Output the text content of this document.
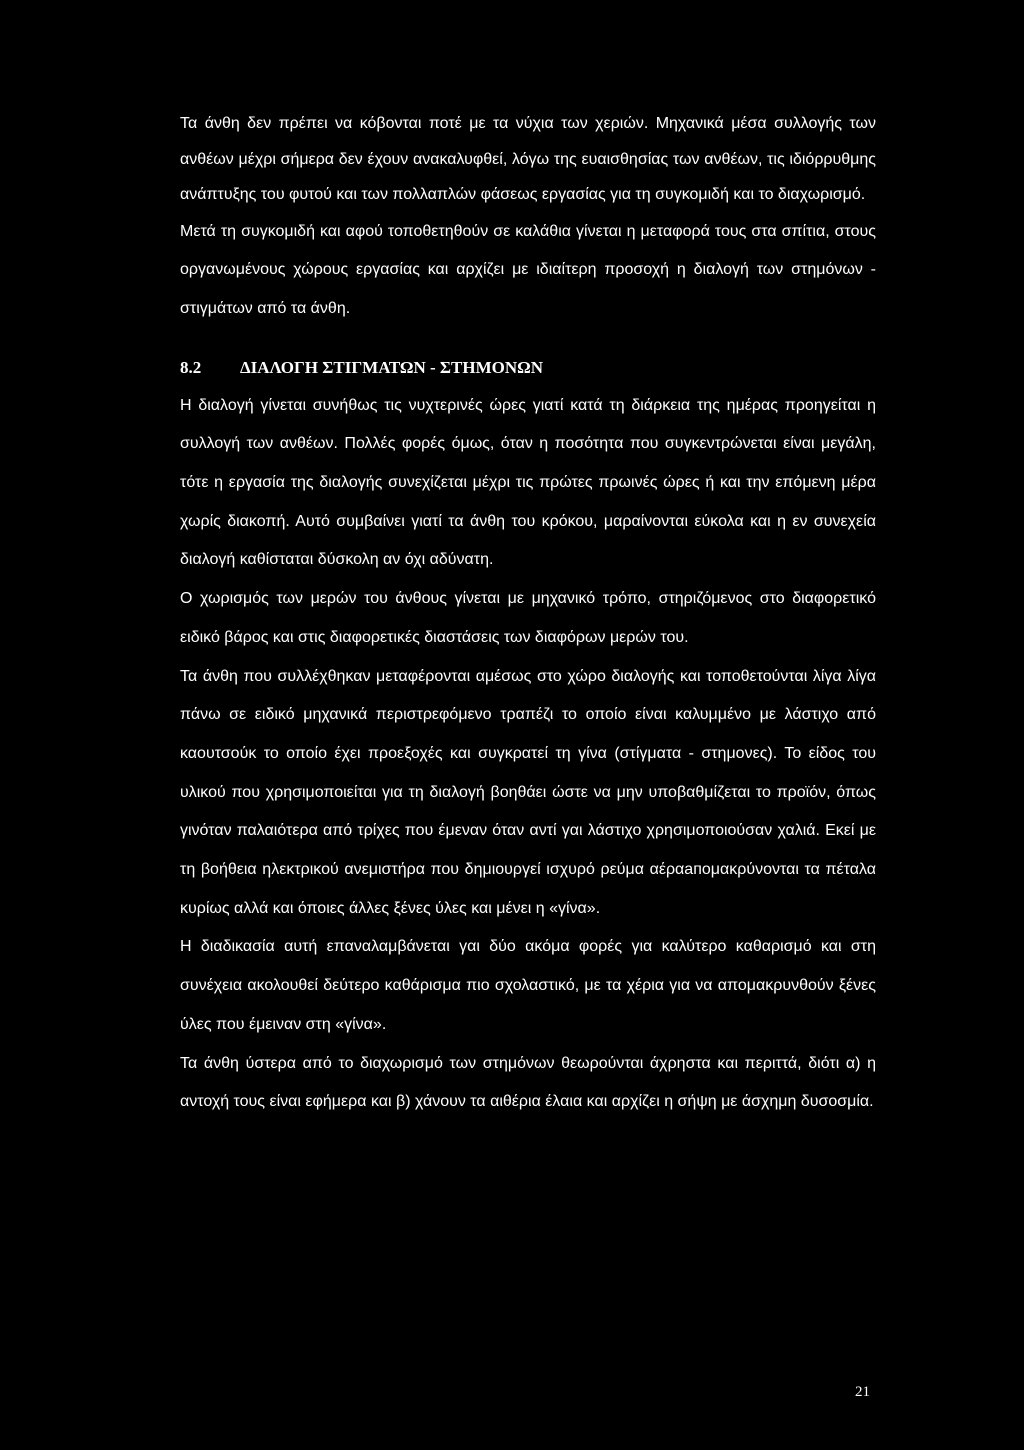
Τα άνθη δεν πρέπει να κόβονται ποτέ με τα νύχια των χεριών. Μηχανικά μέσα συλλογής των ανθέων μέχρι σήμερα δεν έχουν ανακαλυφθεί, λόγω της ευαισθησίας των ανθέων, τις ιδιόρρυθμης ανάπτυξης του φυτού και των πολλαπλών φάσεως εργασίας για τη συγκομιδή και το διαχωρισμό.

Μετά τη συγκομιδή και αφού τοποθετηθούν σε καλάθια γίνεται η μεταφορά τους στα σπίτια, στους οργανωμένους χώρους εργασίας και αρχίζει με ιδιαίτερη προσοχή η διαλογή των στημόνων - στιγμάτων από τα άνθη.

8.2 ΔΙΑΛΟΓΗ ΣΤΙΓΜΑΤΩΝ - ΣΤΗΜΟΝΩΝ

Η διαλογή γίνεται συνήθως τις νυχτερινές ώρες γιατί κατά τη διάρκεια της ημέρας προηγείται η συλλογή των ανθέων. Πολλές φορές όμως, όταν η ποσότητα που συγκεντρώνεται είναι μεγάλη, τότε η εργασία της διαλογής συνεχίζεται μέχρι τις πρώτες πρωινές ώρες ή και την επόμενη μέρα χωρίς διακοπή. Αυτό συμβαίνει γιατί τα άνθη του κρόκου, μαραίνονται εύκολα και η εν συνεχεία διαλογή καθίσταται δύσκολη αν όχι αδύνατη.

Ο χωρισμός των μερών του άνθους γίνεται με μηχανικό τρόπο, στηριζόμενος στο διαφορετικό ειδικό βάρος και στις διαφορετικές διαστάσεις των διαφόρων μερών του.

Τα άνθη που συλλέχθηκαν μεταφέρονται αμέσως στο χώρο διαλογής και τοποθετούνται λίγα λίγα πάνω σε ειδικό μηχανικά περιστρεφόμενο τραπέζι το οποίο είναι καλυμμένο με λάστιχο από καουτσούκ το οποίο έχει προεξοχές και συγκρατεί τη γίνα (στίγματα - στημονες). Το είδος του υλικού που χρησιμοποιείται για τη διαλογή βοηθάει ώστε να μην υποβαθμίζεται το προϊόν, όπως γινόταν παλαιότερα από τρίχες που έμεναν όταν αντί γαι λάστιχο χρησιμοποιούσαν χαλιά. Εκεί με τη βοήθεια ηλεκτρικού ανεμιστήρα που δημιουργεί ισχυρό ρεύμα αέραапομακρύνονται τα πέταλα κυρίως αλλά και όποιες άλλες ξένες ύλες και μένει η «γίνα».

Η διαδικασία αυτή επαναλαμβάνεται γαι δύο ακόμα φορές για καλύτερο καθαρισμό και στη συνέχεια ακολουθεί δεύτερο καθάρισμα πιο σχολαστικό, με τα χέρια για να απομακρυνθούν ξένες ύλες που έμειναν στη «γίνα».

Τα άνθη ύστερα από το διαχωρισμό των στημόνων θεωρούνται άχρηστα και περιττά, διότι α) η αντοχή τους είναι εφήμερα και β) χάνουν τα αιθέρια έλαια και αρχίζει η σήψη με άσχημη δυσοσμία.

21
